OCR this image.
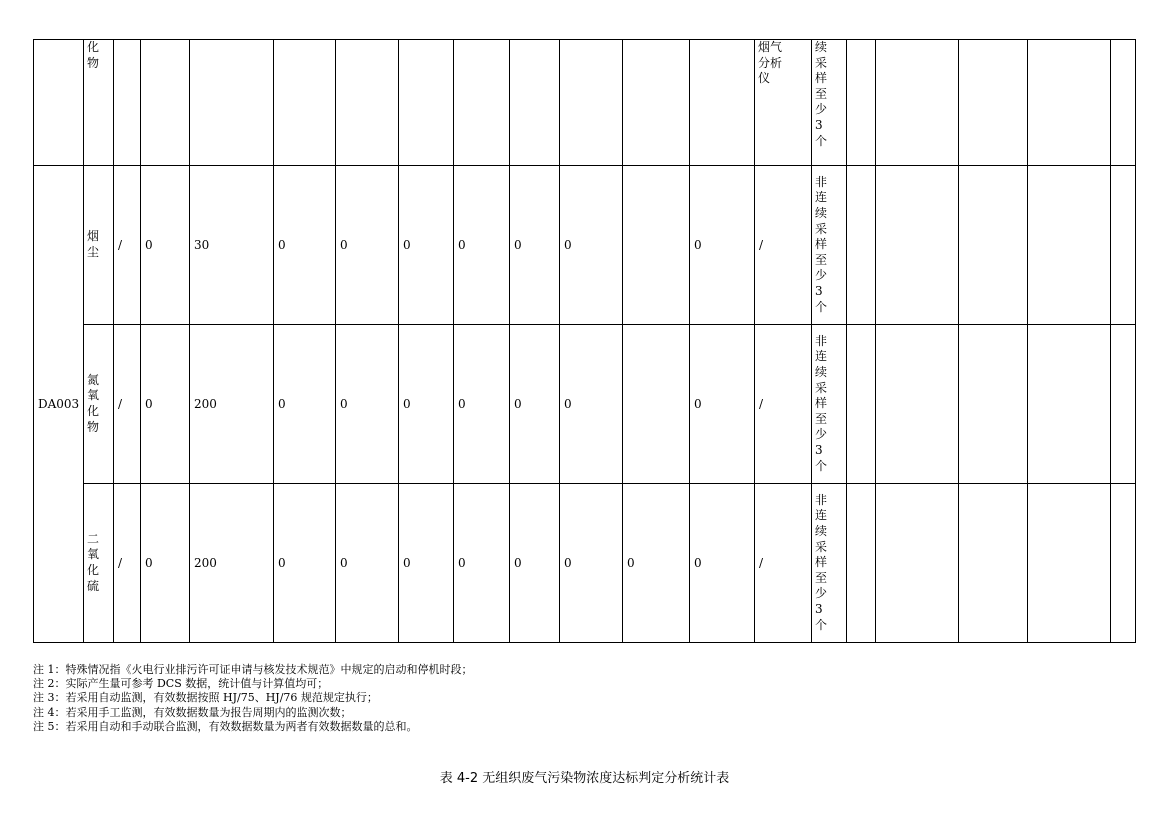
	化物												烟气分析仪	续采样至少3个					

DA003	烟尘	/	0	30	0	0	0	0	0	0		0	/	非连续采样至少3个					

	氮氧化物	/	0	200	0	0	0	0	0	0		0	/	非连续采样至少3个					

	二氧化硫	/	0	200	0	0	0	0	0	0	0	0	/	非连续采样至少3个					

注 1：特殊情况指《火电行业排污许可证申请与核发技术规范》中规定的启动和停机时段；
注 2：实际产生量可参考 DCS 数据，统计值与计算值均可；
注 3：若采用自动监测，有效数据按照 HJ/75、HJ/76 规范规定执行；
注 4：若采用手工监测，有效数据数量为报告周期内的监测次数；
注 5：若采用自动和手动联合监测，有效数据数量为两者有效数据数量的总和。
表 4-2 无组织废气污染物浓度达标判定分析统计表
